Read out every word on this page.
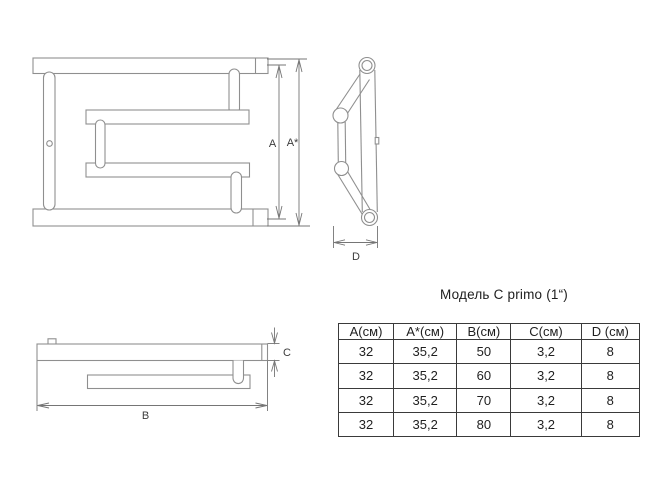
A A*
D
B
C
Модель C primo (1“)
А(см)	А*(см)	В(см)	С(см)	D (см)
32	35,2	50	3,2	8
32	35,2	60	3,2	8
32	35,2	70	3,2	8
32	35,2	80	3,2	8
